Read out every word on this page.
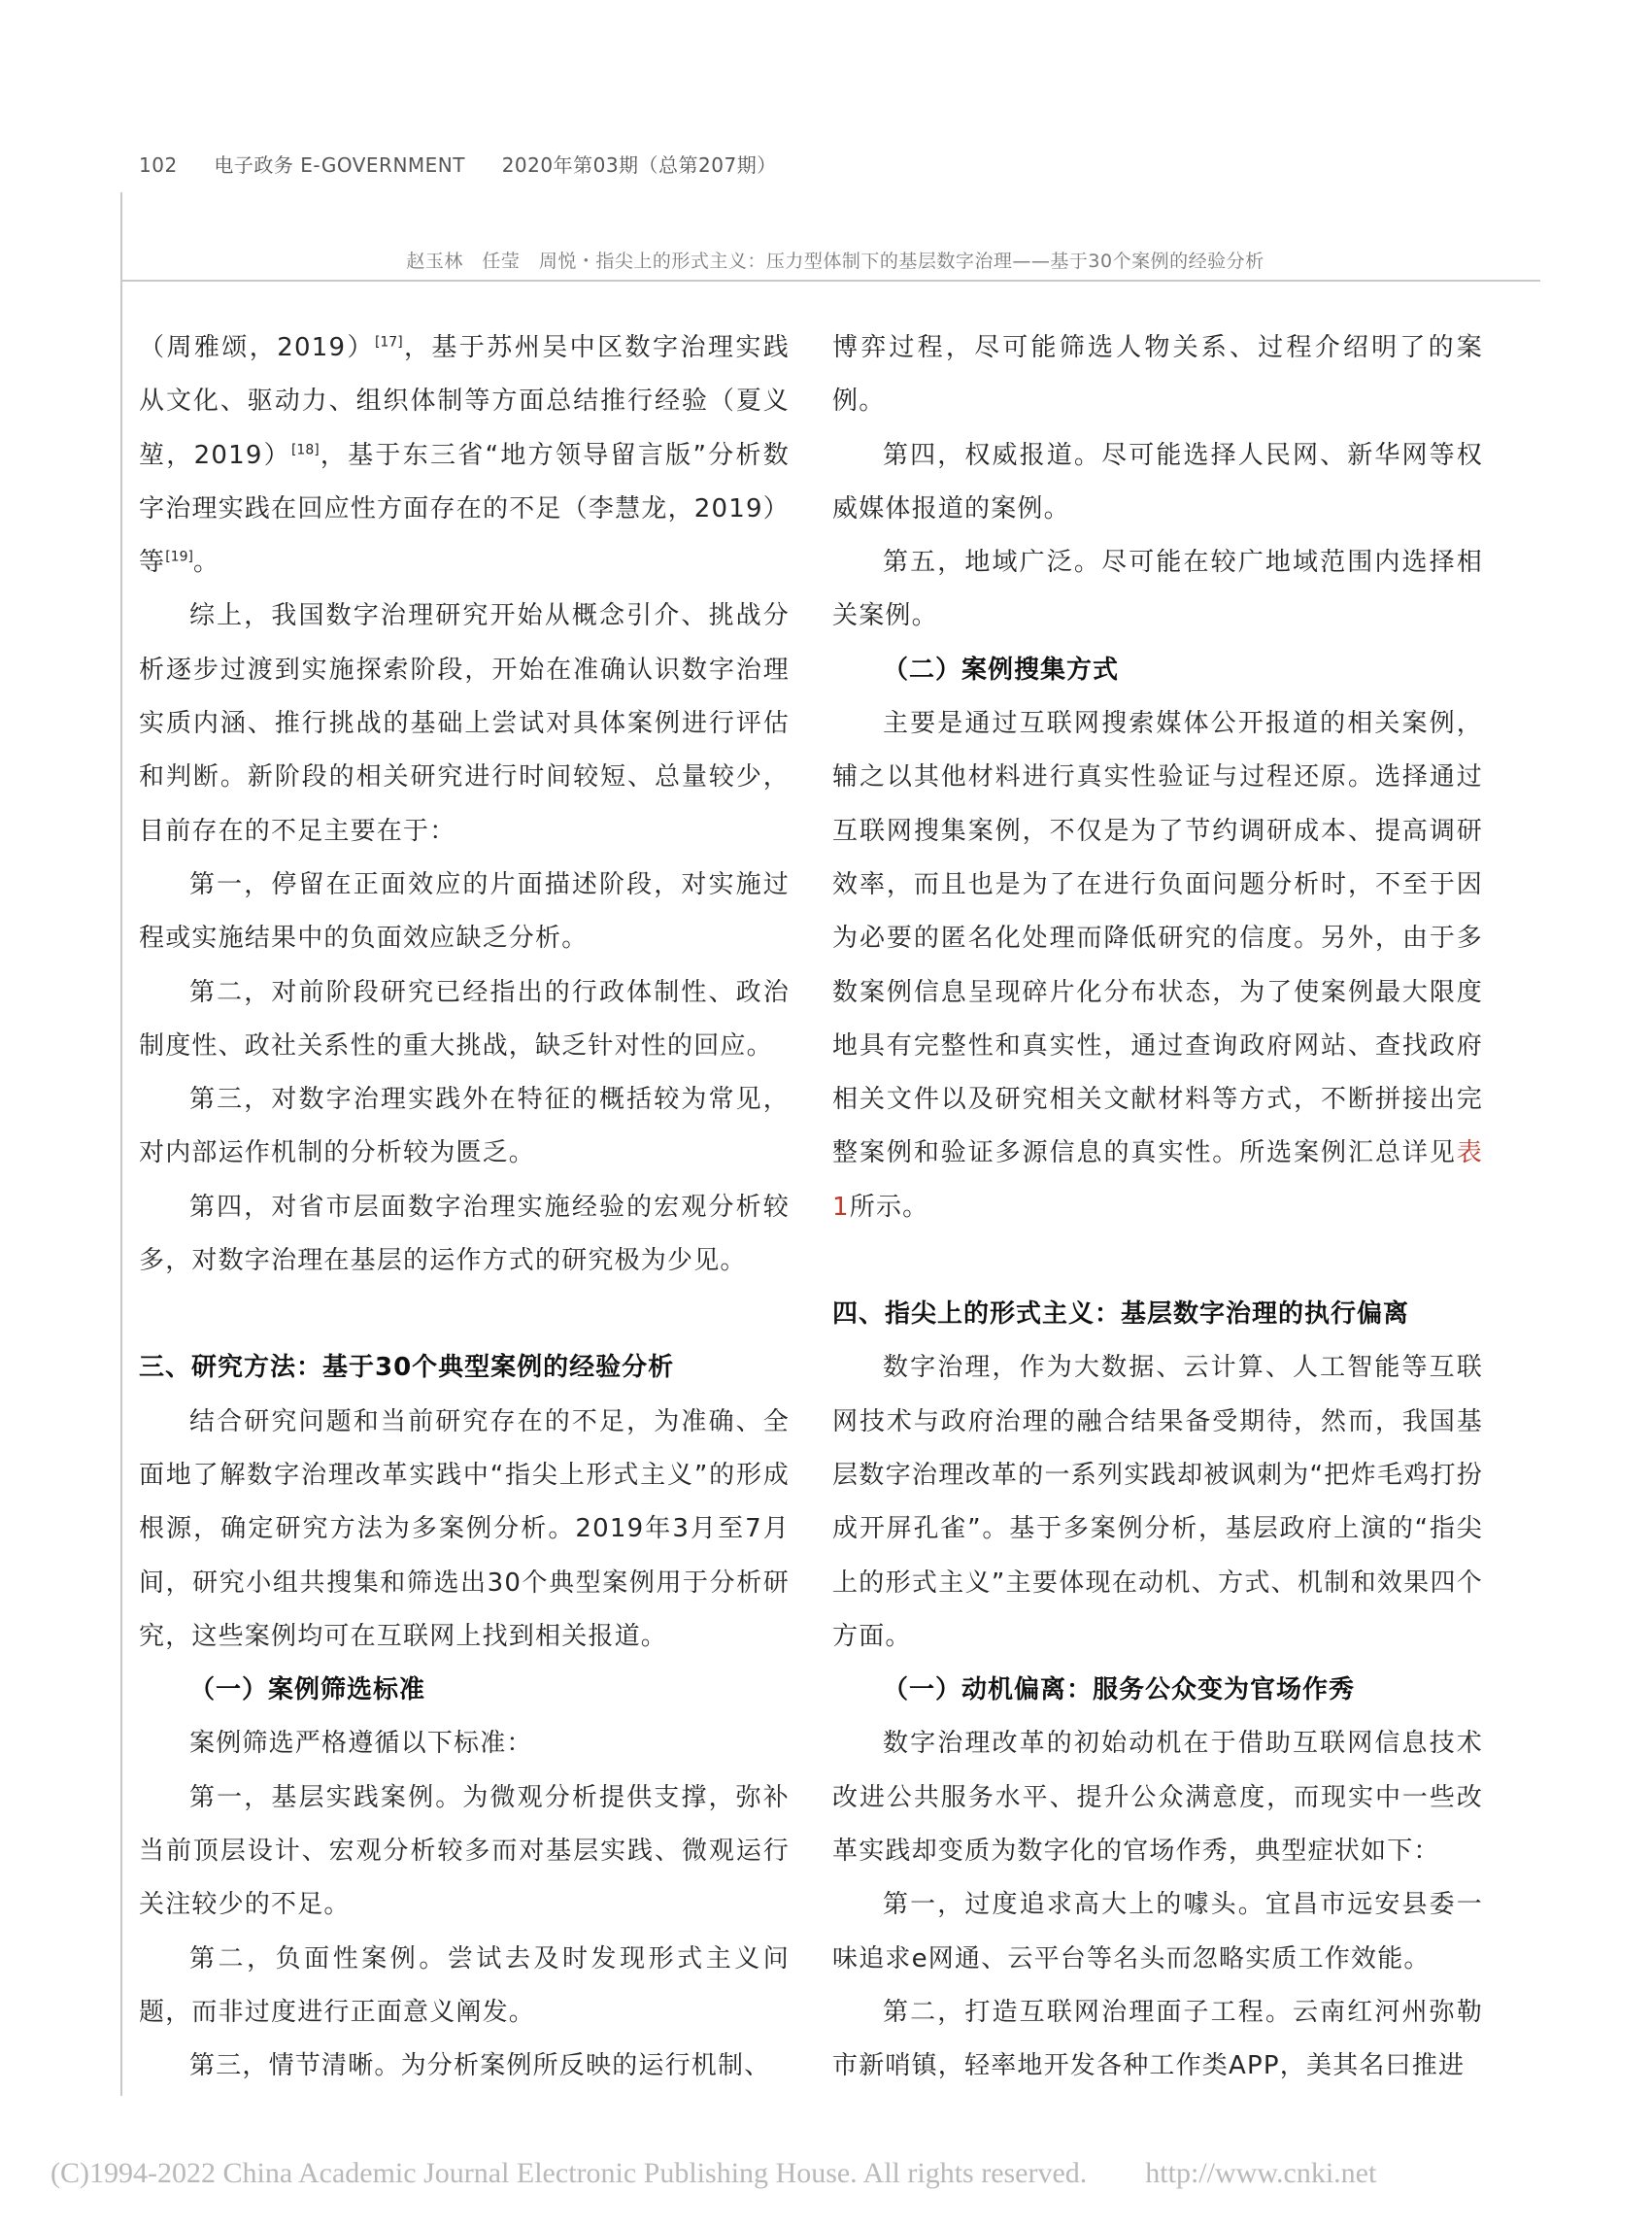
102 电子政务 E-GOVERNMENT 2020年第03期（总第207期）
赵玉林　任莹　周悦・指尖上的形式主义：压力型体制下的基层数字治理——基于30个案例的经验分析

（周雅颂，2019）[17]，基于苏州吴中区数字治理实践从文化、驱动力、组织体制等方面总结推行经验（夏义堃，2019）[18]，基于东三省“地方领导留言版”分析数字治理实践在回应性方面存在的不足（李慧龙，2019）等[19]。

综上，我国数字治理研究开始从概念引介、挑战分析逐步过渡到实施探索阶段，开始在准确认识数字治理实质内涵、推行挑战的基础上尝试对具体案例进行评估和判断。新阶段的相关研究进行时间较短、总量较少，目前存在的不足主要在于：

第一，停留在正面效应的片面描述阶段，对实施过程或实施结果中的负面效应缺乏分析。

第二，对前阶段研究已经指出的行政体制性、政治制度性、政社关系性的重大挑战，缺乏针对性的回应。

第三，对数字治理实践外在特征的概括较为常见，对内部运作机制的分析较为匮乏。

第四，对省市层面数字治理实施经验的宏观分析较多，对数字治理在基层的运作方式的研究极为少见。

三、研究方法：基于30个典型案例的经验分析

结合研究问题和当前研究存在的不足，为准确、全面地了解数字治理改革实践中“指尖上形式主义”的形成根源，确定研究方法为多案例分析。2019年3月至7月间，研究小组共搜集和筛选出30个典型案例用于分析研究，这些案例均可在互联网上找到相关报道。

（一）案例筛选标准

案例筛选严格遵循以下标准：

第一，基层实践案例。为微观分析提供支撑，弥补当前顶层设计、宏观分析较多而对基层实践、微观运行关注较少的不足。

第二，负面性案例。尝试去及时发现形式主义问题，而非过度进行正面意义阐发。

第三，情节清晰。为分析案例所反映的运行机制、

博弈过程，尽可能筛选人物关系、过程介绍明了的案例。

第四，权威报道。尽可能选择人民网、新华网等权威媒体报道的案例。

第五，地域广泛。尽可能在较广地域范围内选择相关案例。

（二）案例搜集方式

主要是通过互联网搜索媒体公开报道的相关案例，辅之以其他材料进行真实性验证与过程还原。选择通过互联网搜集案例，不仅是为了节约调研成本、提高调研效率，而且也是为了在进行负面问题分析时，不至于因为必要的匿名化处理而降低研究的信度。另外，由于多数案例信息呈现碎片化分布状态，为了使案例最大限度地具有完整性和真实性，通过查询政府网站、查找政府相关文件以及研究相关文献材料等方式，不断拼接出完整案例和验证多源信息的真实性。所选案例汇总详见表1所示。

四、指尖上的形式主义：基层数字治理的执行偏离

数字治理，作为大数据、云计算、人工智能等互联网技术与政府治理的融合结果备受期待，然而，我国基层数字治理改革的一系列实践却被讽刺为“把炸毛鸡打扮成开屏孔雀”。基于多案例分析，基层政府上演的“指尖上的形式主义”主要体现在动机、方式、机制和效果四个方面。

（一）动机偏离：服务公众变为官场作秀

数字治理改革的初始动机在于借助互联网信息技术改进公共服务水平、提升公众满意度，而现实中一些改革实践却变质为数字化的官场作秀，典型症状如下：

第一，过度追求高大上的噱头。宜昌市远安县委一味追求e网通、云平台等名头而忽略实质工作效能。

第二，打造互联网治理面子工程。云南红河州弥勒市新哨镇，轻率地开发各种工作类APP，美其名曰推进

(C)1994-2022 China Academic Journal Electronic Publishing House. All rights reserved.　　http://www.cnki.net
